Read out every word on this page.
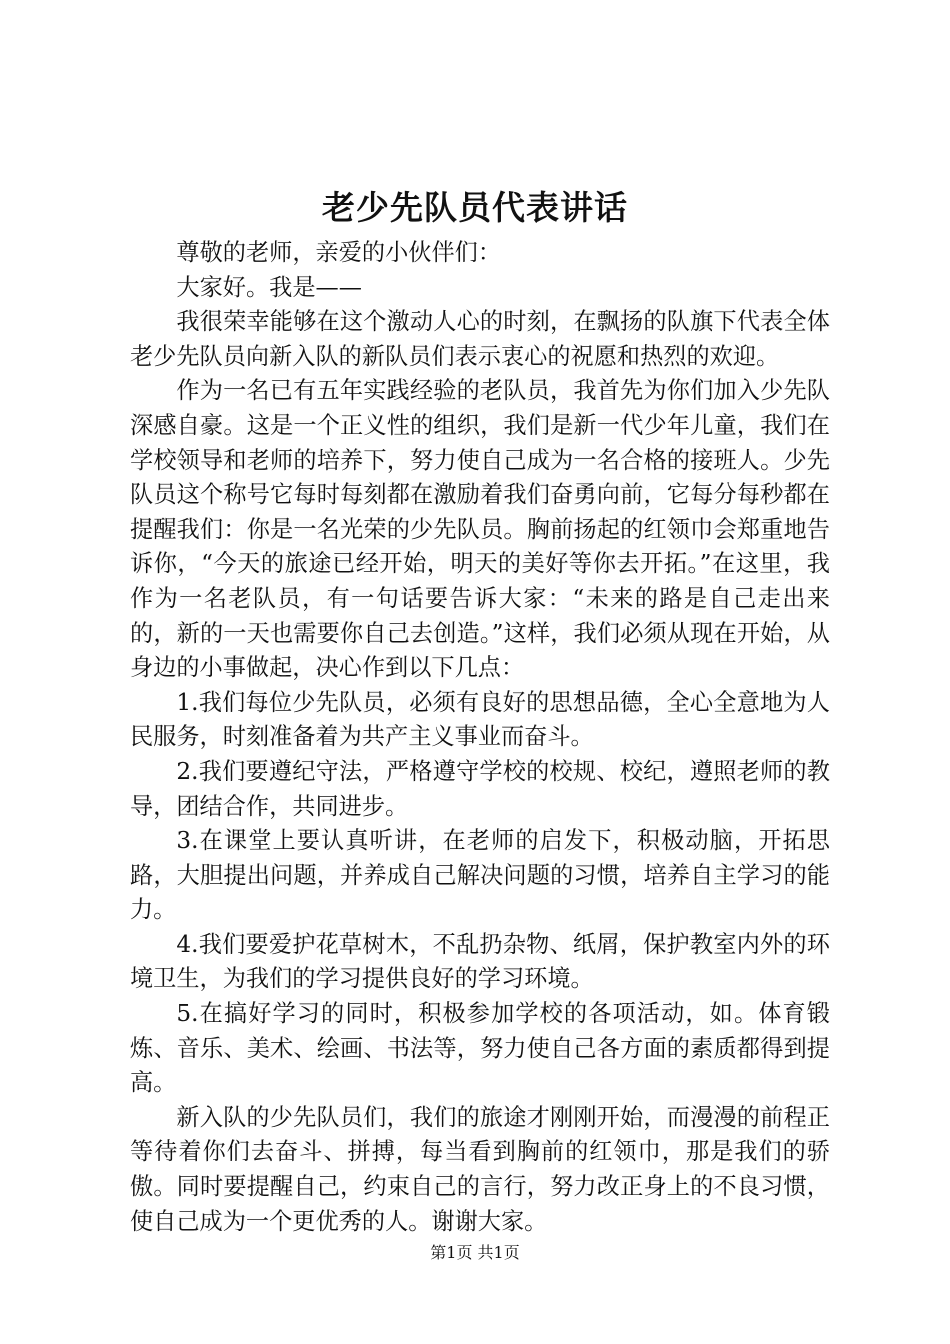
老少先队员代表讲话

尊敬的老师，亲爱的小伙伴们：

大家好。我是——

我很荣幸能够在这个激动人心的时刻，在飘扬的队旗下代表全体老少先队员向新入队的新队员们表示衷心的祝愿和热烈的欢迎。

作为一名已有五年实践经验的老队员，我首先为你们加入少先队深感自豪。这是一个正义性的组织，我们是新一代少年儿童，我们在学校领导和老师的培养下，努力使自己成为一名合格的接班人。少先队员这个称号它每时每刻都在激励着我们奋勇向前，它每分每秒都在提醒我们：你是一名光荣的少先队员。胸前扬起的红领巾会郑重地告诉你，“今天的旅途已经开始，明天的美好等你去开拓。”在这里，我作为一名老队员，有一句话要告诉大家：“未来的路是自己走出来的，新的一天也需要你自己去创造。”这样，我们必须从现在开始，从身边的小事做起，决心作到以下几点：

1.我们每位少先队员，必须有良好的思想品德，全心全意地为人民服务，时刻准备着为共产主义事业而奋斗。

2.我们要遵纪守法，严格遵守学校的校规、校纪，遵照老师的教导，团结合作，共同进步。

3.在课堂上要认真听讲，在老师的启发下，积极动脑，开拓思路，大胆提出问题，并养成自己解决问题的习惯，培养自主学习的能力。

4.我们要爱护花草树木，不乱扔杂物、纸屑，保护教室内外的环境卫生，为我们的学习提供良好的学习环境。

5.在搞好学习的同时，积极参加学校的各项活动，如。体育锻炼、音乐、美术、绘画、书法等，努力使自己各方面的素质都得到提高。

新入队的少先队员们，我们的旅途才刚刚开始，而漫漫的前程正等待着你们去奋斗、拼搏，每当看到胸前的红领巾，那是我们的骄傲。同时要提醒自己，约束自己的言行，努力改正身上的不良习惯，使自己成为一个更优秀的人。谢谢大家。

第1页 共1页
